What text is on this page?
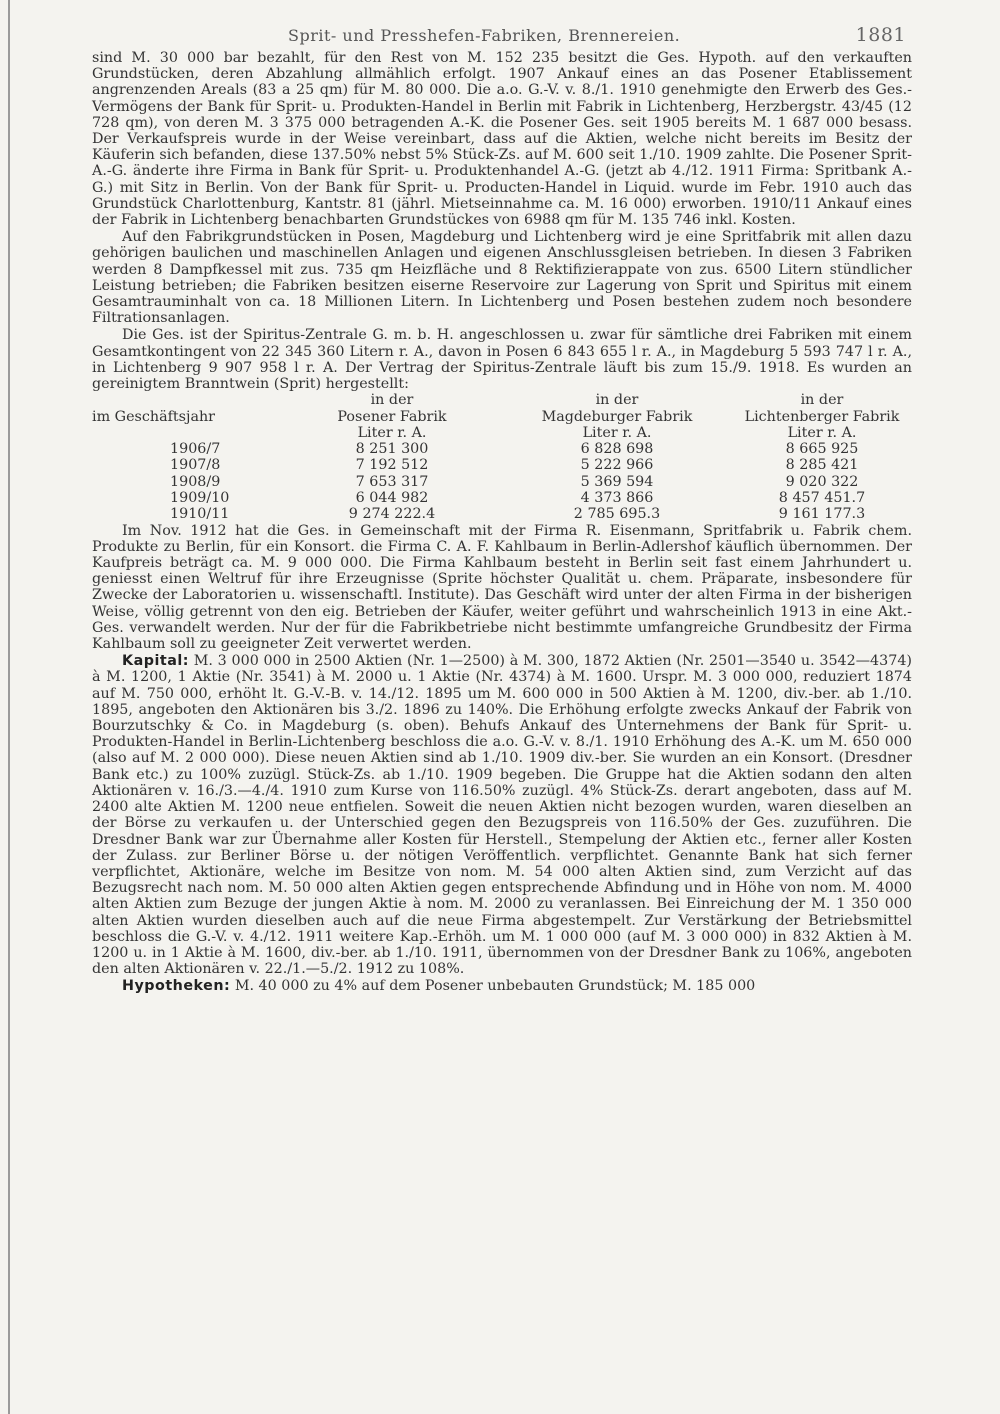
Sprit- und Presshefen-Fabriken, Brennereien.	1881

sind M. 30 000 bar bezahlt, für den Rest von M. 152 235 besitzt die Ges. Hypoth. auf den verkauften Grundstücken, deren Abzahlung allmählich erfolgt. 1907 Ankauf eines an das Posener Etablissement angrenzenden Areals (83 a 25 qm) für M. 80 000. Die a.o. G.-V. v. 8./1. 1910 genehmigte den Erwerb des Ges.-Vermögens der Bank für Sprit- u. Produkten-Handel in Berlin mit Fabrik in Lichtenberg, Herzbergstr. 43/45 (12 728 qm), von deren M. 3 375 000 betragenden A.-K. die Posener Ges. seit 1905 bereits M. 1 687 000 besass. Der Verkaufspreis wurde in der Weise vereinbart, dass auf die Aktien, welche nicht bereits im Besitz der Käuferin sich befanden, diese 137.50% nebst 5% Stück-Zs. auf M. 600 seit 1./10. 1909 zahlte. Die Posener Sprit-A.-G. änderte ihre Firma in Bank für Sprit- u. Produktenhandel A.-G. (jetzt ab 4./12. 1911 Firma: Spritbank A.-G.) mit Sitz in Berlin. Von der Bank für Sprit- u. Producten-Handel in Liquid. wurde im Febr. 1910 auch das Grundstück Charlottenburg, Kantstr. 81 (jährl. Mietseinnahme ca. M. 16 000) erworben. 1910/11 Ankauf eines der Fabrik in Lichtenberg benachbarten Grundstückes von 6988 qm für M. 135 746 inkl. Kosten.

Auf den Fabrikgrundstücken in Posen, Magdeburg und Lichtenberg wird je eine Spritfabrik mit allen dazu gehörigen baulichen und maschinellen Anlagen und eigenen Anschlussgleisen betrieben. In diesen 3 Fabriken werden 8 Dampfkessel mit zus. 735 qm Heizfläche und 8 Rektifizierappate von zus. 6500 Litern stündlicher Leistung betrieben; die Fabriken besitzen eiserne Reservoire zur Lagerung von Sprit und Spiritus mit einem Gesamtrauminhalt von ca. 18 Millionen Litern. In Lichtenberg und Posen bestehen zudem noch besondere Filtrationsanlagen.

Die Ges. ist der Spiritus-Zentrale G. m. b. H. angeschlossen u. zwar für sämtliche drei Fabriken mit einem Gesamtkontingent von 22 345 360 Litern r. A., davon in Posen 6 843 655 l r. A., in Magdeburg 5 593 747 l r. A., in Lichtenberg 9 907 958 l r. A. Der Vertrag der Spiritus-Zentrale läuft bis zum 15./9. 1918. Es wurden an gereinigtem Branntwein (Sprit) hergestellt:

	in der	in der	in der
im Geschäftsjahr	Posener Fabrik	Magdeburger Fabrik	Lichtenberger Fabrik
	Liter r. A.	Liter r. A.	Liter r. A.
1906/7	8 251 300	6 828 698	8 665 925
1907/8	7 192 512	5 222 966	8 285 421
1908/9	7 653 317	5 369 594	9 020 322
1909/10	6 044 982	4 373 866	8 457 451.7
1910/11	9 274 222.4	2 785 695.3	9 161 177.3

Im Nov. 1912 hat die Ges. in Gemeinschaft mit der Firma R. Eisenmann, Spritfabrik u. Fabrik chem. Produkte zu Berlin, für ein Konsort. die Firma C. A. F. Kahlbaum in Berlin-Adlershof käuflich übernommen. Der Kaufpreis beträgt ca. M. 9 000 000. Die Firma Kahlbaum besteht in Berlin seit fast einem Jahrhundert u. geniesst einen Weltruf für ihre Erzeugnisse (Sprite höchster Qualität u. chem. Präparate, insbesondere für Zwecke der Laboratorien u. wissenschaftl. Institute). Das Geschäft wird unter der alten Firma in der bisherigen Weise, völlig getrennt von den eig. Betrieben der Käufer, weiter geführt und wahrscheinlich 1913 in eine Akt.-Ges. verwandelt werden. Nur der für die Fabrikbetriebe nicht bestimmte umfangreiche Grundbesitz der Firma Kahlbaum soll zu geeigneter Zeit verwertet werden.

Kapital: M. 3 000 000 in 2500 Aktien (Nr. 1—2500) à M. 300, 1872 Aktien (Nr. 2501—3540 u. 3542—4374) à M. 1200, 1 Aktie (Nr. 3541) à M. 2000 u. 1 Aktie (Nr. 4374) à M. 1600. Urspr. M. 3 000 000, reduziert 1874 auf M. 750 000, erhöht lt. G.-V.-B. v. 14./12. 1895 um M. 600 000 in 500 Aktien à M. 1200, div.-ber. ab 1./10. 1895, angeboten den Aktionären bis 3./2. 1896 zu 140%. Die Erhöhung erfolgte zwecks Ankauf der Fabrik von Bourzutschky & Co. in Magdeburg (s. oben). Behufs Ankauf des Unternehmens der Bank für Sprit- u. Produkten-Handel in Berlin-Lichtenberg beschloss die a.o. G.-V. v. 8./1. 1910 Erhöhung des A.-K. um M. 650 000 (also auf M. 2 000 000). Diese neuen Aktien sind ab 1./10. 1909 div.-ber. Sie wurden an ein Konsort. (Dresdner Bank etc.) zu 100% zuzügl. Stück-Zs. ab 1./10. 1909 begeben. Die Gruppe hat die Aktien sodann den alten Aktionären v. 16./3.—4./4. 1910 zum Kurse von 116.50% zuzügl. 4% Stück-Zs. derart angeboten, dass auf M. 2400 alte Aktien M. 1200 neue entfielen. Soweit die neuen Aktien nicht bezogen wurden, waren dieselben an der Börse zu verkaufen u. der Unterschied gegen den Bezugspreis von 116.50% der Ges. zuzuführen. Die Dresdner Bank war zur Übernahme aller Kosten für Herstell., Stempelung der Aktien etc., ferner aller Kosten der Zulass. zur Berliner Börse u. der nötigen Veröffentlich. verpflichtet. Genannte Bank hat sich ferner verpflichtet, Aktionäre, welche im Besitze von nom. M. 54 000 alten Aktien sind, zum Verzicht auf das Bezugsrecht nach nom. M. 50 000 alten Aktien gegen entsprechende Abfindung und in Höhe von nom. M. 4000 alten Aktien zum Bezuge der jungen Aktie à nom. M. 2000 zu veranlassen. Bei Einreichung der M. 1 350 000 alten Aktien wurden dieselben auch auf die neue Firma abgestempelt. Zur Verstärkung der Betriebsmittel beschloss die G.-V. v. 4./12. 1911 weitere Kap.-Erhöh. um M. 1 000 000 (auf M. 3 000 000) in 832 Aktien à M. 1200 u. in 1 Aktie à M. 1600, div.-ber. ab 1./10. 1911, übernommen von der Dresdner Bank zu 106%, angeboten den alten Aktionären v. 22./1.—5./2. 1912 zu 108%.

Hypotheken: M. 40 000 zu 4% auf dem Posener unbebauten Grundstück; M. 185 000
